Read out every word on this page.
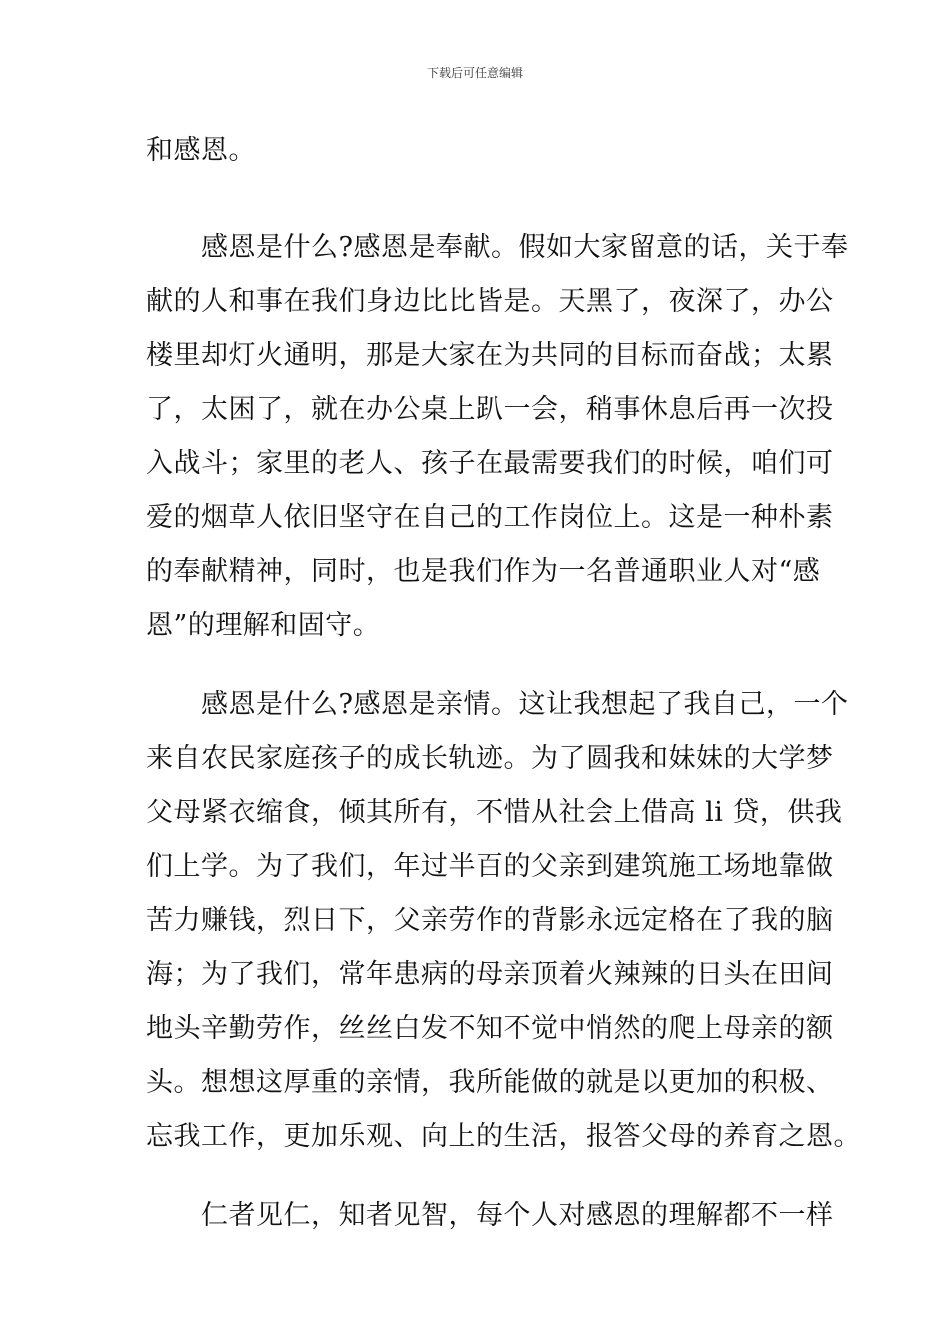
下载后可任意编辑
和感恩。
　　感恩是什么?感恩是奉献。假如大家留意的话，关于奉
献的人和事在我们身边比比皆是。天黑了，夜深了，办公
楼里却灯火通明，那是大家在为共同的目标而奋战；太累
了，太困了，就在办公桌上趴一会，稍事休息后再一次投
入战斗；家里的老人、孩子在最需要我们的时候，咱们可
爱的烟草人依旧坚守在自己的工作岗位上。这是一种朴素
的奉献精神，同时，也是我们作为一名普通职业人对“感
恩”的理解和固守。
　　感恩是什么?感恩是亲情。这让我想起了我自己，一个
来自农民家庭孩子的成长轨迹。为了圆我和妹妹的大学梦
父母紧衣缩食，倾其所有，不惜从社会上借高 li 贷，供我
们上学。为了我们，年过半百的父亲到建筑施工场地靠做
苦力赚钱，烈日下，父亲劳作的背影永远定格在了我的脑
海；为了我们，常年患病的母亲顶着火辣辣的日头在田间
地头辛勤劳作，丝丝白发不知不觉中悄然的爬上母亲的额
头。想想这厚重的亲情，我所能做的就是以更加的积极、
忘我工作，更加乐观、向上的生活，报答父母的养育之恩。
　　仁者见仁，知者见智，每个人对感恩的理解都不一样
